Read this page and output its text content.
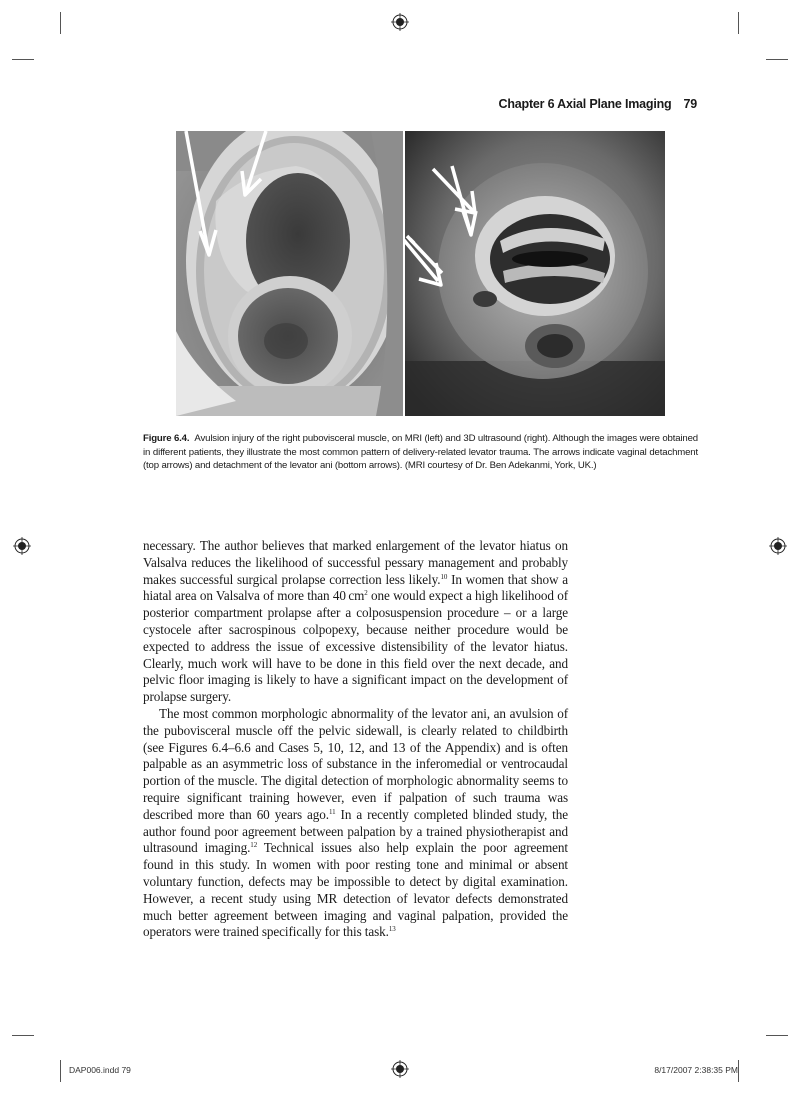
Chapter 6 Axial Plane Imaging 79
Figure 6.4. Avulsion injury of the right pubovisceral muscle, on MRI (left) and 3D ultrasound (right). Although the images were obtained in different patients, they illustrate the most common pattern of delivery-related levator trauma. The arrows indicate vaginal detachment (top arrows) and detachment of the levator ani (bottom arrows). (MRI courtesy of Dr. Ben Adekanmi, York, UK.)

necessary. The author believes that marked enlargement of the levator hiatus on Valsalva reduces the likelihood of successful pessary management and probably makes successful surgical prolapse correction less likely.$^{10}$ In women that show a hiatal area on Valsalva of more than 40 $cm^2$ one would expect a high likelihood of posterior compartment prolapse after a colposuspension procedure – or a large cystocele after sacrospinous colpopexy, because neither procedure would be expected to address the issue of excessive distensibility of the levator hiatus. Clearly, much work will have to be done in this field over the next decade, and pelvic floor imaging is likely to have a significant impact on the development of prolapse surgery.

The most common morphologic abnormality of the levator ani, an avulsion of the pubovisceral muscle off the pelvic sidewall, is clearly related to childbirth (see Figures 6.4–6.6 and Cases 5, 10, 12, and 13 of the Appendix) and is often palpable as an asymmetric loss of substance in the inferomedial or ventrocaudal portion of the muscle. The digital detection of morphologic abnormality seems to require significant training however, even if palpation of such trauma was described more than 60 years ago.$^{11}$ In a recently completed blinded study, the author found poor agreement between palpation by a trained physiotherapist and ultrasound imaging.$^{12}$ Technical issues also help explain the poor agreement found in this study. In women with poor resting tone and minimal or absent voluntary function, defects may be impossible to detect by digital examination. However, a recent study using MR detection of levator defects demonstrated much better agreement between imaging and vaginal palpation, provided the operators were trained specifically for this task.$^{13}$

DAP006.indd 79	8/17/2007 2:38:35 PM
